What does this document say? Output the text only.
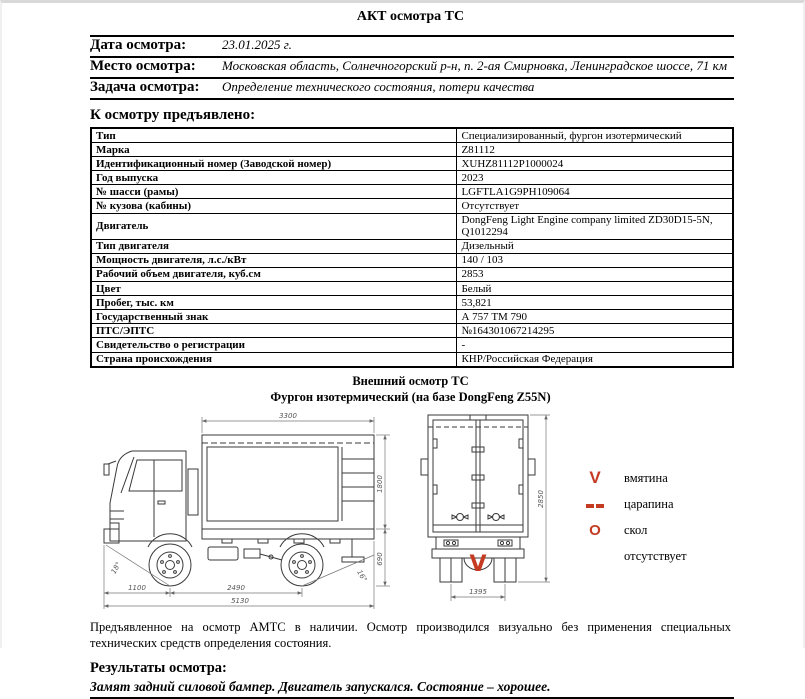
АКТ осмотра ТС
Дата осмотра:	23.01.2025 г.
Место осмотра:	Московская область, Солнечногорский р-н, п. 2-ая Смирновка, Ленинградское шоссе, 71 км
Задача осмотра:	Определение технического состояния, потери качества
К осмотру предъявлено:
Тип	Специализированный, фургон изотермический
Марка	Z81112
Идентификационный номер (Заводской номер)	XUHZ81112P1000024
Год выпуска	2023
№ шасси (рамы)	LGFTLA1G9PH109064
№ кузова (кабины)	Отсутствует
Двигатель	DongFeng Light Engine company limited ZD30D15-5N, Q1012294
Тип двигателя	Дизельный
Мощность двигателя, л.с./кВт	140 / 103
Рабочий объем двигателя, куб.см	2853
Цвет	Белый
Пробег, тыс. км	53,821
Государственный знак	А 757 ТМ 790
ПТС/ЭПТС	№164301067214295
Свидетельство о регистрации	-
Страна происхождения	КНР/Российская Федерация
Внешний осмотр ТС
Фургон изотермический (на базе DongFeng Z55N)
3300
1800
690
1100	2490
5130
18°
16°
2850
1395
V
V	вмятина
царапина
O	скол
отсутствует
Предъявленное на осмотр АМТС в наличии. Осмотр производился визуально без применения специальных технических средств определения состояния.
Результаты осмотра:
Замят задний силовой бампер. Двигатель запускался. Состояние – хорошее.
